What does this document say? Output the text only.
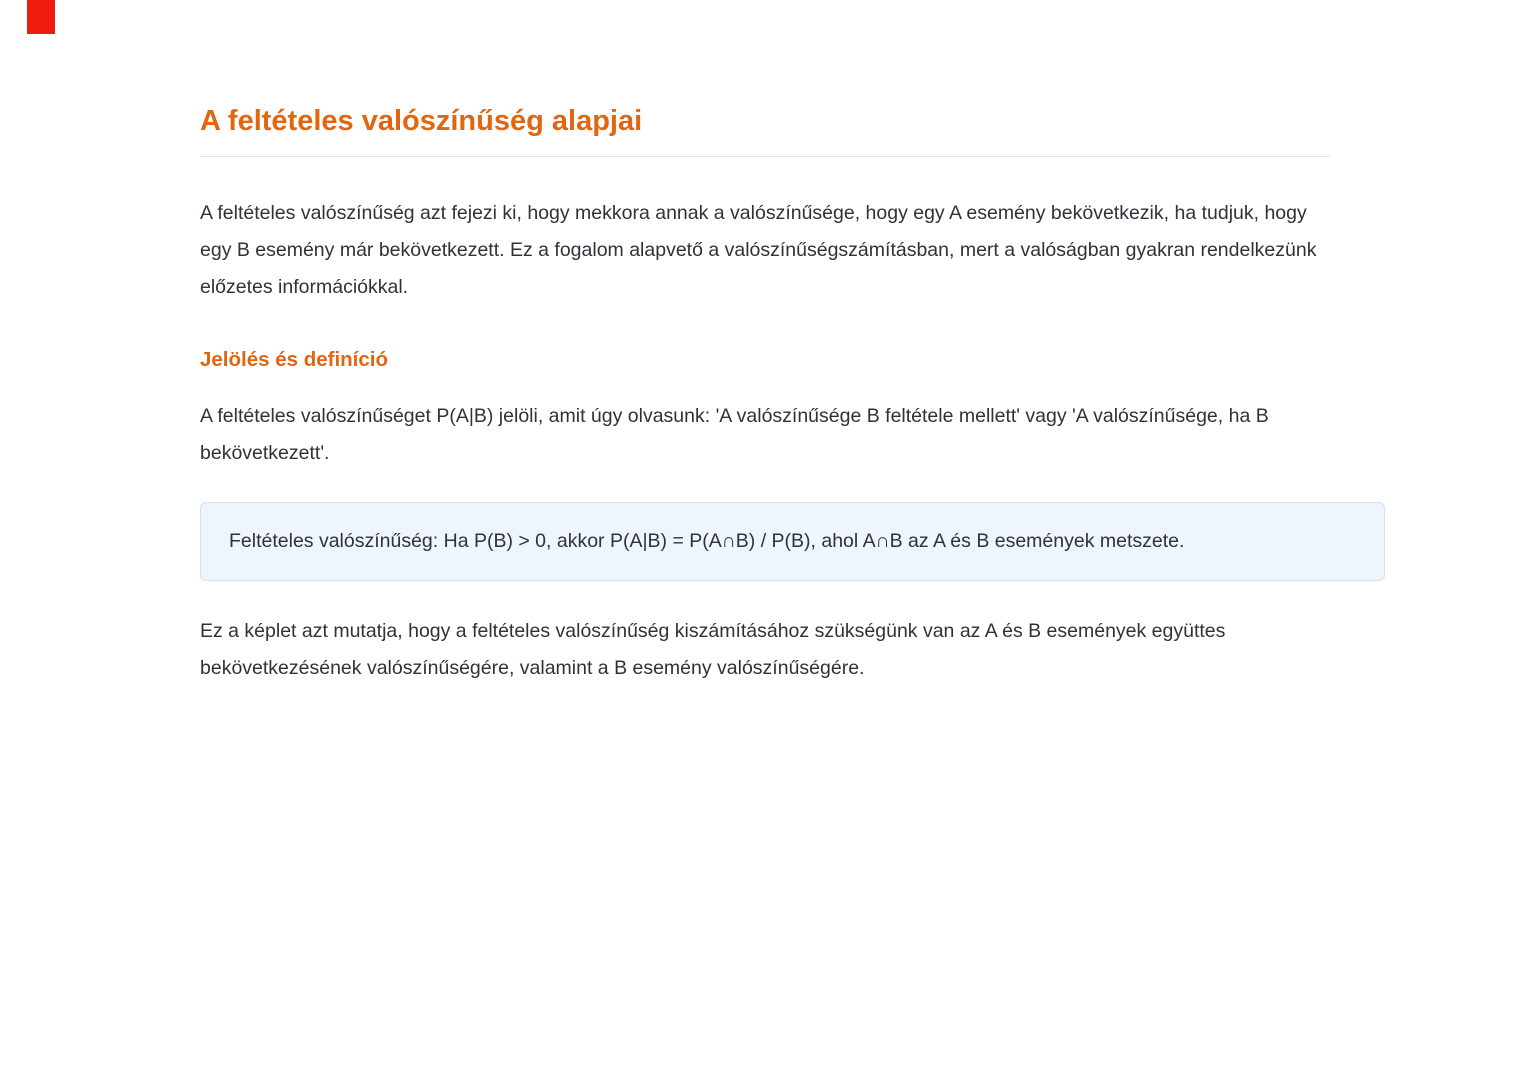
A feltételes valószínűség alapjai

A feltételes valószínűség azt fejezi ki, hogy mekkora annak a valószínűsége, hogy egy A esemény bekövetkezik, ha tudjuk, hogy egy B esemény már bekövetkezett. Ez a fogalom alapvető a valószínűségszámításban, mert a valóságban gyakran rendelkezünk előzetes információkkal.

Jelölés és definíció

A feltételes valószínűséget P(A|B) jelöli, amit úgy olvasunk: 'A valószínűsége B feltétele mellett' vagy 'A valószínűsége, ha B bekövetkezett'.

Feltételes valószínűség: Ha P(B) > 0, akkor P(A|B) = P(A∩B) / P(B), ahol A∩B az A és B események metszete.

Ez a képlet azt mutatja, hogy a feltételes valószínűség kiszámításához szükségünk van az A és B események együttes bekövetkezésének valószínűségére, valamint a B esemény valószínűségére.
